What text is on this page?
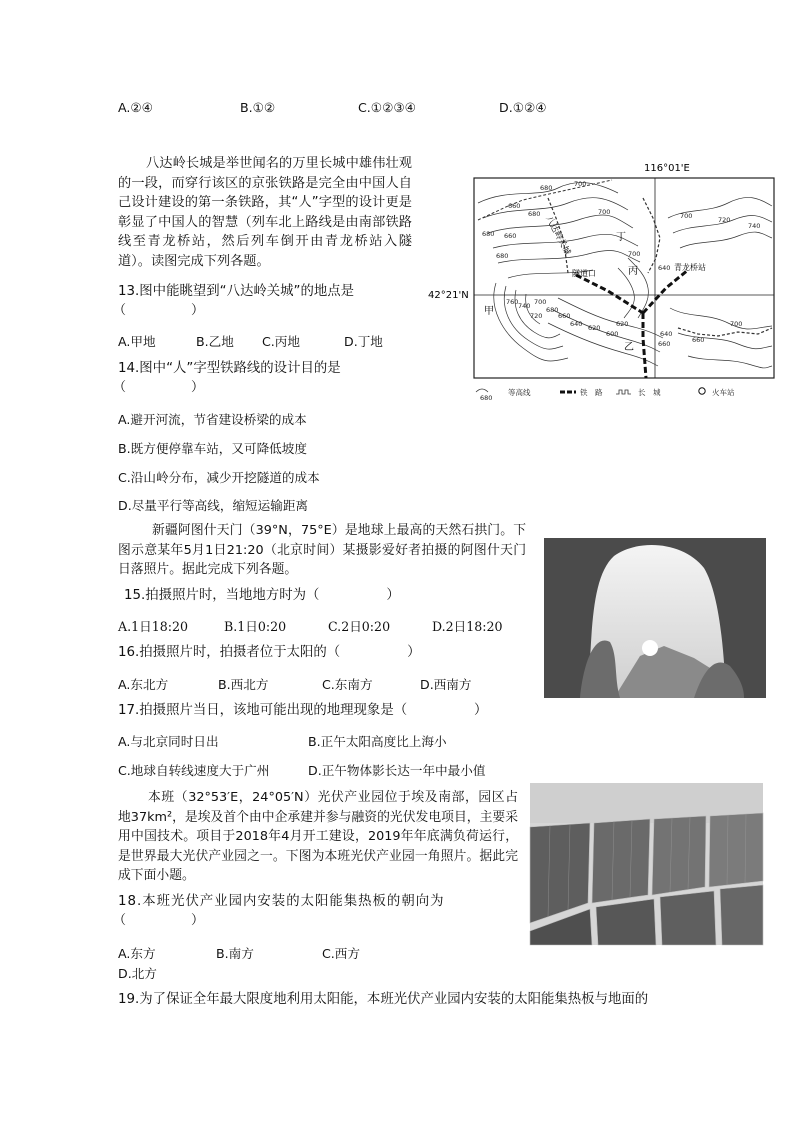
A.②④	B.①②	C.①②③④	D.①②④
八达岭长城是举世闻名的万里长城中雄伟壮观的一段，而穿行该区的京张铁路是完全由中国人自己设计建设的第一条铁路，其“人”字型的设计更是彰显了中国人的智慧（列车北上路线是由南部铁路线至青龙桥站，然后列车倒开由青龙桥站入隧道）。读图完成下列各题。
13.图中能眺望到“八达岭关城”的地点是
（　　　　　）
A.甲地	B.乙地 C.丙地	D.丁地
14.图中“人”字型铁路线的设计目的是
（　　　　　）
A.避开河流，节省建设桥梁的成本
B.既方便停靠车站，又可降低坡度
C.沿山岭分布，减少开挖隧道的成本
D.尽量平行等高线，缩短运输距离
116°01'E
42°21'N
八达岭关城	丁
丙
甲
乙
隧道口
青龙桥站
680	700
660
680	700
660
680
700
720
740
760
640
620
600
620
640
660
680
700
660
640
700	720
740
700
660
680
680
等高线	铁　路	长　城	火车站
新疆阿图什天门（39°N，75°E）是地球上最高的天然石拱门。下图示意某年5月1日21:20（北京时间）某摄影爱好者拍摄的阿图什天门日落照片。据此完成下列各题。
15.拍摄照片时，当地地方时为（　　　　　）
A.1日18:20	B.1日0:20	C.2日0:20	D.2日18:20
16.拍摄照片时，拍摄者位于太阳的（　　　　　）
A.东北方	B.西北方	C.东南方	D.西南方
17.拍摄照片当日，该地可能出现的地理现象是（　　　　　）
A.与北京同时日出	B.正午太阳高度比上海小
C.地球自转线速度大于广州	D.正午物体影长达一年中最小值
本班（32°53′E，24°05′N）光伏产业园位于埃及南部，园区占地37km²，是埃及首个由中企承建并参与融资的光伏发电项目，主要采用中国技术。项目于2018年4月开工建设，2019年年底满负荷运行，是世界最大光伏产业园之一。下图为本班光伏产业园一角照片。据此完成下面小题。
18.本班光伏产业园内安装的太阳能集热板的朝向为
（　　　　　）
A.东方	B.南方	C.西方
D.北方
19.为了保证全年最大限度地利用太阳能，本班光伏产业园内安装的太阳能集热板与地面的
